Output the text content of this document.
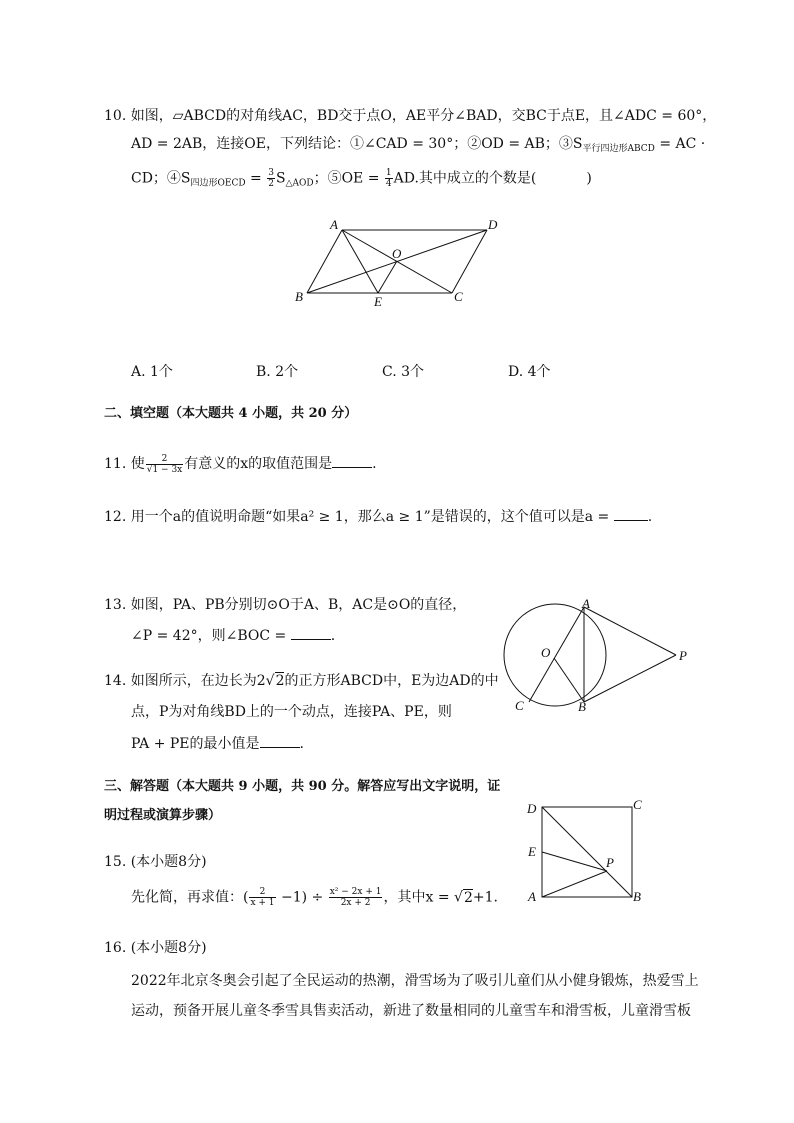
10. 如图，▱ABCD的对角线AC，BD交于点O，AE平分∠BAD，交BC于点E，且∠ADC = 60°，
AD = 2AB，连接OE，下列结论：①∠CAD = 30°；②OD = AB；$③S_{平行四边形ABCD}$ = AC ·
CD；$④S_{四边形OECD} = \frac{3}{2} S_{\triangle AOD}$；⑤OE = $\frac{1}{4}$ AD.其中成立的个数是(	)
A	D
O
B	E	C
A. 1个	B. 2个	C. 3个	D. 4个
二、填空题（本大题共 4 小题，共 20 分）
11. 使 $\frac{2}{√1 - 3x}$ 有意义的x的取值范围是	.
12. 用一个a的值说明命题“如果a² ≥ 1，那么a ≥ 1”是错误的，这个值可以是a =	.
13. 如图，PA、PB分别切⊙O于A、B，AC是⊙O的直径，
∠P = 42°，则∠BOC =	.
A
O	P
C	B
14. 如图所示，在边长为2√2的正方形ABCD中，E为边AD的中
点，P为对角线BD上的一个动点，连接PA、PE，则
PA + PE的最小值是	.
三、解答题（本大题共 9 小题，共 90 分。解答应写出文字说明，证
明过程或演算步骤）	D	C
E
P
A	B
15. (本小题8分)
先化简，再求值：( $\frac{2}{x + 1} -1) \div \frac{\text{x² − 2x + 1}}{2x + 2}$ ，其中x = √2+1.
16. (本小题8分)
2022年北京冬奥会引起了全民运动的热潮，滑雪场为了吸引儿童们从小健身锻炼，热爱雪上
运动，预备开展儿童冬季雪具售卖活动，新进了数量相同的儿童雪车和滑雪板，儿童滑雪板
